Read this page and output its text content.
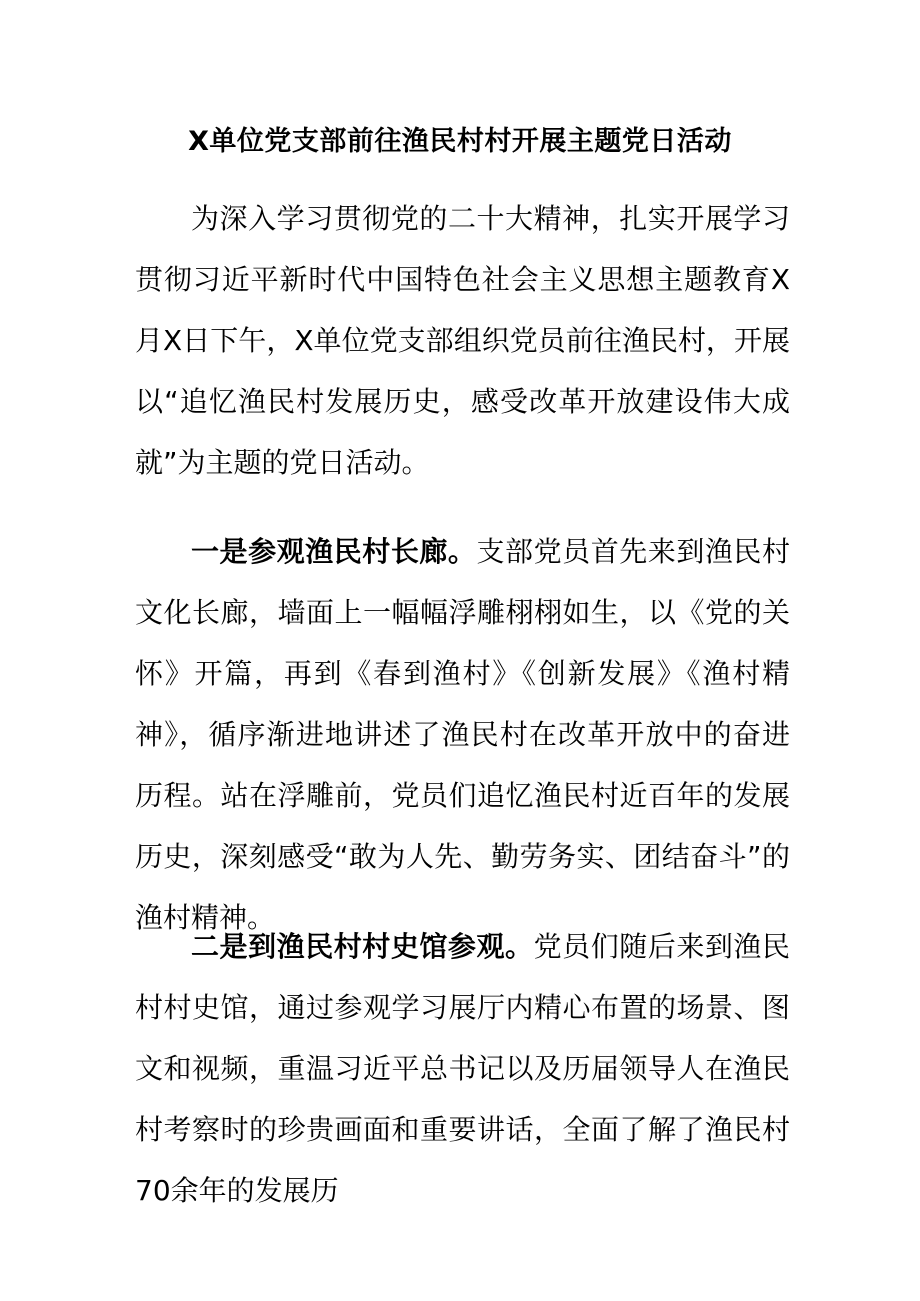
X单位党支部前往渔民村村开展主题党日活动

为深入学习贯彻党的二十大精神，扎实开展学习贯彻习近平新时代中国特色社会主义思想主题教育X月X日下午，X单位党支部组织党员前往渔民村，开展以“追忆渔民村发展历史，感受改革开放建设伟大成就”为主题的党日活动。

一是参观渔民村长廊。支部党员首先来到渔民村文化长廊，墙面上一幅幅浮雕栩栩如生，以《党的关怀》开篇，再到《春到渔村》《创新发展》《渔村精神》，循序渐进地讲述了渔民村在改革开放中的奋进历程。站在浮雕前，党员们追忆渔民村近百年的发展历史，深刻感受“敢为人先、勤劳务实、团结奋斗”的渔村精神。

二是到渔民村村史馆参观。党员们随后来到渔民村村史馆，通过参观学习展厅内精心布置的场景、图文和视频，重温习近平总书记以及历届领导人在渔民村考察时的珍贵画面和重要讲话，全面了解了渔民村70余年的发展历
